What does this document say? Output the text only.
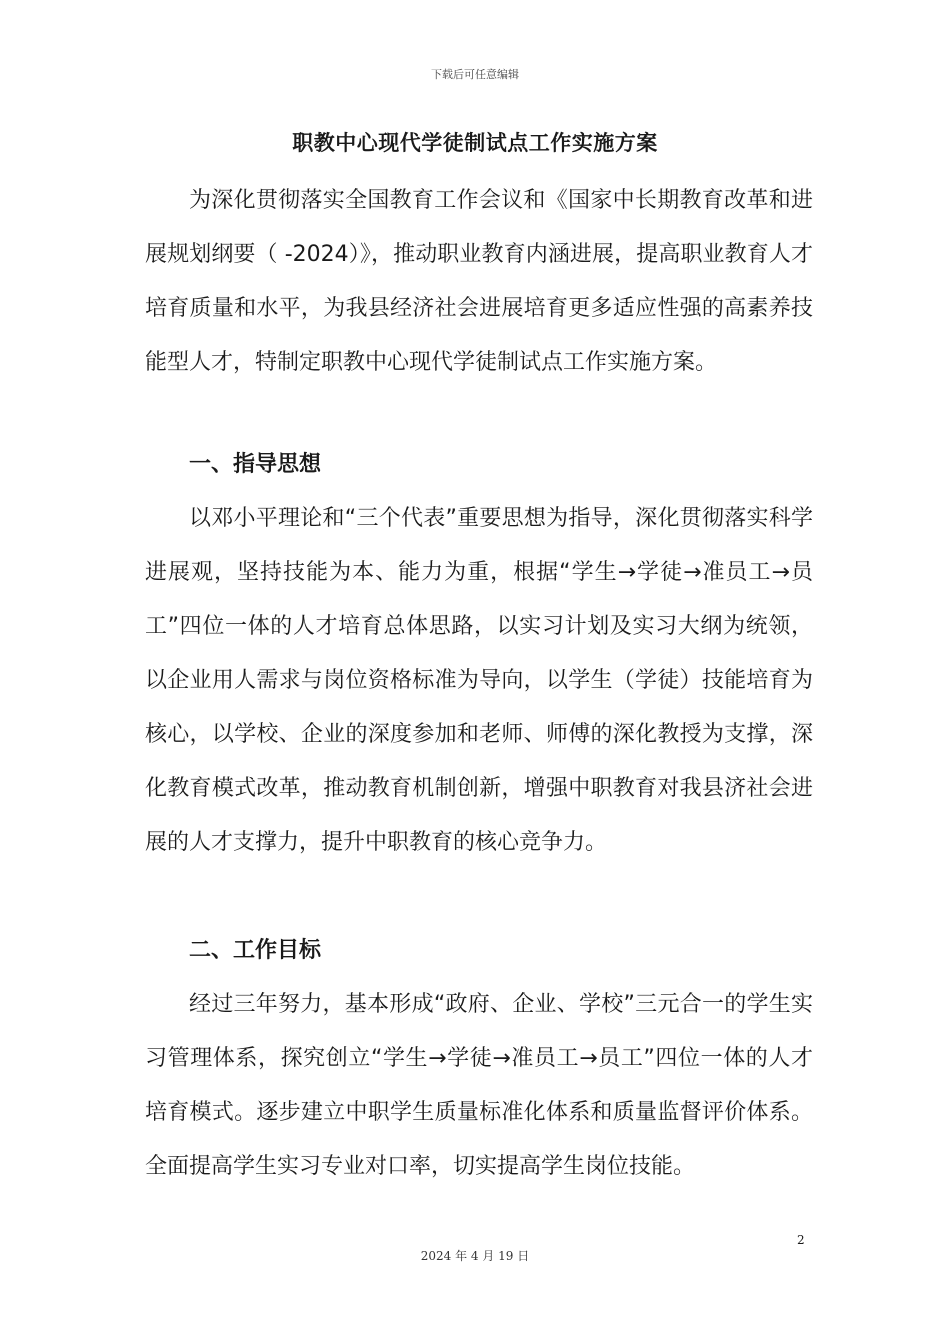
下载后可任意编辑
职教中心现代学徒制试点工作实施方案

为深化贯彻落实全国教育工作会议和《国家中长期教育改革和进展规划纲要（ -2024）》，推动职业教育内涵进展，提高职业教育人才培育质量和水平，为我县经济社会进展培育更多适应性强的高素养技能型人才，特制定职教中心现代学徒制试点工作实施方案。

一、指导思想

以邓小平理论和“三个代表”重要思想为指导，深化贯彻落实科学进展观，坚持技能为本、能力为重，根据“学生→学徒→准员工→员工”四位一体的人才培育总体思路，以实习计划及实习大纲为统领，以企业用人需求与岗位资格标准为导向，以学生（学徒）技能培育为核心，以学校、企业的深度参加和老师、师傅的深化教授为支撑，深化教育模式改革，推动教育机制创新，增强中职教育对我县济社会进展的人才支撑力，提升中职教育的核心竞争力。

二、工作目标

经过三年努力，基本形成“政府、企业、学校”三元合一的学生实习管理体系，探究创立“学生→学徒→准员工→员工”四位一体的人才培育模式。逐步建立中职学生质量标准化体系和质量监督评价体系。全面提高学生实习专业对口率，切实提高学生岗位技能。

2
2024 年 4 月 19 日
